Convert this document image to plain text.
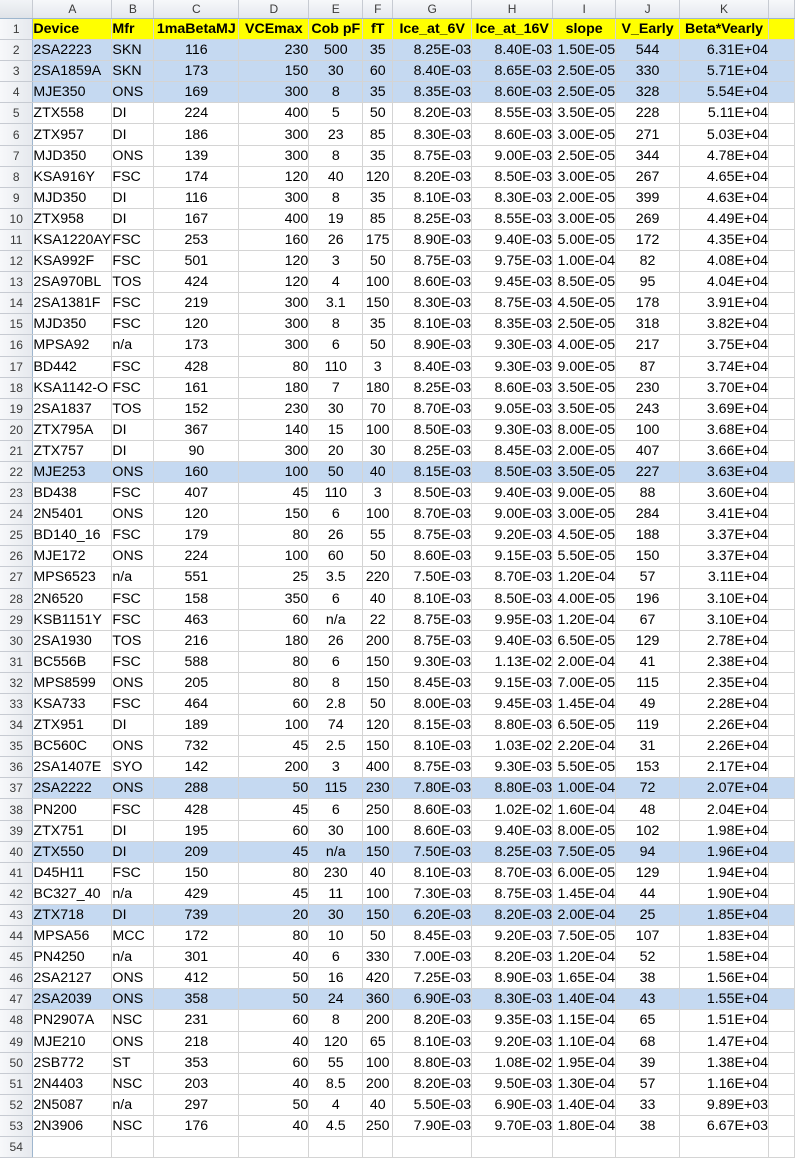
	A	B	C	D	E	F	G	H	I	J	K	
1	Device	Mfr	1maBetaMJ	VCEmax	Cob pF	fT	Ice_at_6V	Ice_at_16V	slope	V_Early	Beta*Vearly	
2	2SA2223	SKN	116	230	500	35	8.25E-03	8.40E-03	1.50E-05	544	6.31E+04	
3	2SA1859A	SKN	173	150	30	60	8.40E-03	8.65E-03	2.50E-05	330	5.71E+04	
4	MJE350	ONS	169	300	8	35	8.35E-03	8.60E-03	2.50E-05	328	5.54E+04	
5	ZTX558	DI	224	400	5	50	8.20E-03	8.55E-03	3.50E-05	228	5.11E+04	
6	ZTX957	DI	186	300	23	85	8.30E-03	8.60E-03	3.00E-05	271	5.03E+04	
7	MJD350	ONS	139	300	8	35	8.75E-03	9.00E-03	2.50E-05	344	4.78E+04	
8	KSA916Y	FSC	174	120	40	120	8.20E-03	8.50E-03	3.00E-05	267	4.65E+04	
9	MJD350	DI	116	300	8	35	8.10E-03	8.30E-03	2.00E-05	399	4.63E+04	
10	ZTX958	DI	167	400	19	85	8.25E-03	8.55E-03	3.00E-05	269	4.49E+04	
11	KSA1220AY	FSC	253	160	26	175	8.90E-03	9.40E-03	5.00E-05	172	4.35E+04	
12	KSA992F	FSC	501	120	3	50	8.75E-03	9.75E-03	1.00E-04	82	4.08E+04	
13	2SA970BL	TOS	424	120	4	100	8.60E-03	9.45E-03	8.50E-05	95	4.04E+04	
14	2SA1381F	FSC	219	300	3.1	150	8.30E-03	8.75E-03	4.50E-05	178	3.91E+04	
15	MJD350	FSC	120	300	8	35	8.10E-03	8.35E-03	2.50E-05	318	3.82E+04	
16	MPSA92	n/a	173	300	6	50	8.90E-03	9.30E-03	4.00E-05	217	3.75E+04	
17	BD442	FSC	428	80	110	3	8.40E-03	9.30E-03	9.00E-05	87	3.74E+04	
18	KSA1142-O	FSC	161	180	7	180	8.25E-03	8.60E-03	3.50E-05	230	3.70E+04	
19	2SA1837	TOS	152	230	30	70	8.70E-03	9.05E-03	3.50E-05	243	3.69E+04	
20	ZTX795A	DI	367	140	15	100	8.50E-03	9.30E-03	8.00E-05	100	3.68E+04	
21	ZTX757	DI	90	300	20	30	8.25E-03	8.45E-03	2.00E-05	407	3.66E+04	
22	MJE253	ONS	160	100	50	40	8.15E-03	8.50E-03	3.50E-05	227	3.63E+04	
23	BD438	FSC	407	45	110	3	8.50E-03	9.40E-03	9.00E-05	88	3.60E+04	
24	2N5401	ONS	120	150	6	100	8.70E-03	9.00E-03	3.00E-05	284	3.41E+04	
25	BD140_16	FSC	179	80	26	55	8.75E-03	9.20E-03	4.50E-05	188	3.37E+04	
26	MJE172	ONS	224	100	60	50	8.60E-03	9.15E-03	5.50E-05	150	3.37E+04	
27	MPS6523	n/a	551	25	3.5	220	7.50E-03	8.70E-03	1.20E-04	57	3.11E+04	
28	2N6520	FSC	158	350	6	40	8.10E-03	8.50E-03	4.00E-05	196	3.10E+04	
29	KSB1151Y	FSC	463	60	n/a	22	8.75E-03	9.95E-03	1.20E-04	67	3.10E+04	
30	2SA1930	TOS	216	180	26	200	8.75E-03	9.40E-03	6.50E-05	129	2.78E+04	
31	BC556B	FSC	588	80	6	150	9.30E-03	1.13E-02	2.00E-04	41	2.38E+04	
32	MPS8599	ONS	205	80	8	150	8.45E-03	9.15E-03	7.00E-05	115	2.35E+04	
33	KSA733	FSC	464	60	2.8	50	8.00E-03	9.45E-03	1.45E-04	49	2.28E+04	
34	ZTX951	DI	189	100	74	120	8.15E-03	8.80E-03	6.50E-05	119	2.26E+04	
35	BC560C	ONS	732	45	2.5	150	8.10E-03	1.03E-02	2.20E-04	31	2.26E+04	
36	2SA1407E	SYO	142	200	3	400	8.75E-03	9.30E-03	5.50E-05	153	2.17E+04	
37	2SA2222	ONS	288	50	115	230	7.80E-03	8.80E-03	1.00E-04	72	2.07E+04	
38	PN200	FSC	428	45	6	250	8.60E-03	1.02E-02	1.60E-04	48	2.04E+04	
39	ZTX751	DI	195	60	30	100	8.60E-03	9.40E-03	8.00E-05	102	1.98E+04	
40	ZTX550	DI	209	45	n/a	150	7.50E-03	8.25E-03	7.50E-05	94	1.96E+04	
41	D45H11	FSC	150	80	230	40	8.10E-03	8.70E-03	6.00E-05	129	1.94E+04	
42	BC327_40	n/a	429	45	11	100	7.30E-03	8.75E-03	1.45E-04	44	1.90E+04	
43	ZTX718	DI	739	20	30	150	6.20E-03	8.20E-03	2.00E-04	25	1.85E+04	
44	MPSA56	MCC	172	80	10	50	8.45E-03	9.20E-03	7.50E-05	107	1.83E+04	
45	PN4250	n/a	301	40	6	330	7.00E-03	8.20E-03	1.20E-04	52	1.58E+04	
46	2SA2127	ONS	412	50	16	420	7.25E-03	8.90E-03	1.65E-04	38	1.56E+04	
47	2SA2039	ONS	358	50	24	360	6.90E-03	8.30E-03	1.40E-04	43	1.55E+04	
48	PN2907A	NSC	231	60	8	200	8.20E-03	9.35E-03	1.15E-04	65	1.51E+04	
49	MJE210	ONS	218	40	120	65	8.10E-03	9.20E-03	1.10E-04	68	1.47E+04	
50	2SB772	ST	353	60	55	100	8.80E-03	1.08E-02	1.95E-04	39	1.38E+04	
51	2N4403	NSC	203	40	8.5	200	8.20E-03	9.50E-03	1.30E-04	57	1.16E+04	
52	2N5087	n/a	297	50	4	40	5.50E-03	6.90E-03	1.40E-04	33	9.89E+03	
53	2N3906	NSC	176	40	4.5	250	7.90E-03	9.70E-03	1.80E-04	38	6.67E+03	
54												
